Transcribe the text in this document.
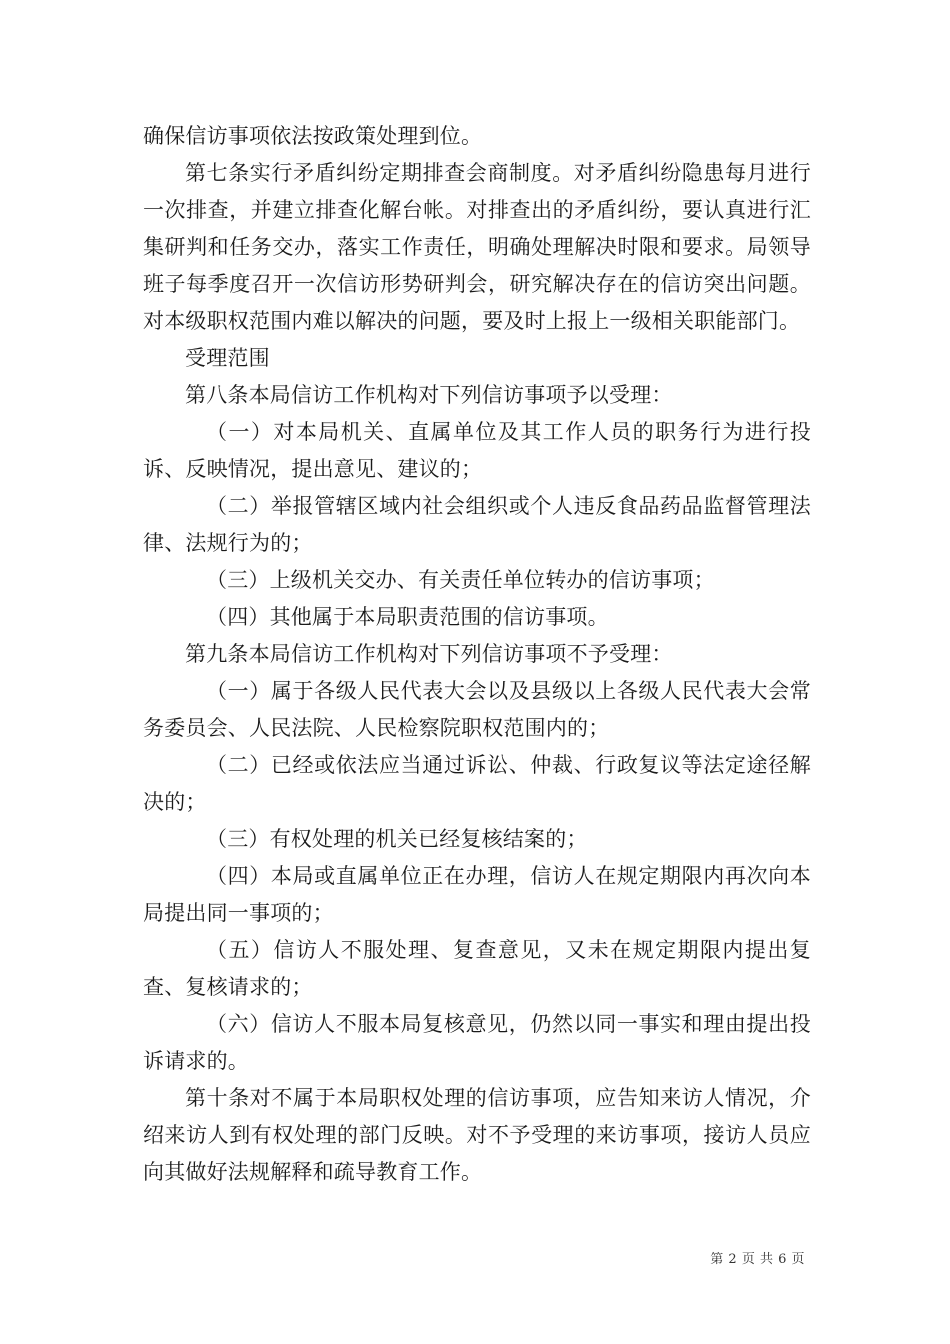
确保信访事项依法按政策处理到位。

第七条实行矛盾纠纷定期排查会商制度。对矛盾纠纷隐患每月进行一次排查，并建立排查化解台帐。对排查出的矛盾纠纷，要认真进行汇集研判和任务交办，落实工作责任，明确处理解决时限和要求。局领导班子每季度召开一次信访形势研判会，研究解决存在的信访突出问题。对本级职权范围内难以解决的问题，要及时上报上一级相关职能部门。

受理范围

第八条本局信访工作机构对下列信访事项予以受理：

（一）对本局机关、直属单位及其工作人员的职务行为进行投诉、反映情况，提出意见、建议的；

（二）举报管辖区域内社会组织或个人违反食品药品监督管理法律、法规行为的；

（三）上级机关交办、有关责任单位转办的信访事项；

（四）其他属于本局职责范围的信访事项。

第九条本局信访工作机构对下列信访事项不予受理：

（一）属于各级人民代表大会以及县级以上各级人民代表大会常务委员会、人民法院、人民检察院职权范围内的；

（二）已经或依法应当通过诉讼、仲裁、行政复议等法定途径解决的；

（三）有权处理的机关已经复核结案的；

（四）本局或直属单位正在办理，信访人在规定期限内再次向本局提出同一事项的；

（五）信访人不服处理、复查意见，又未在规定期限内提出复查、复核请求的；

（六）信访人不服本局复核意见，仍然以同一事实和理由提出投诉请求的。

第十条对不属于本局职权处理的信访事项，应告知来访人情况，介绍来访人到有权处理的部门反映。对不予受理的来访事项，接访人员应向其做好法规解释和疏导教育工作。

第 2 页 共 6 页
